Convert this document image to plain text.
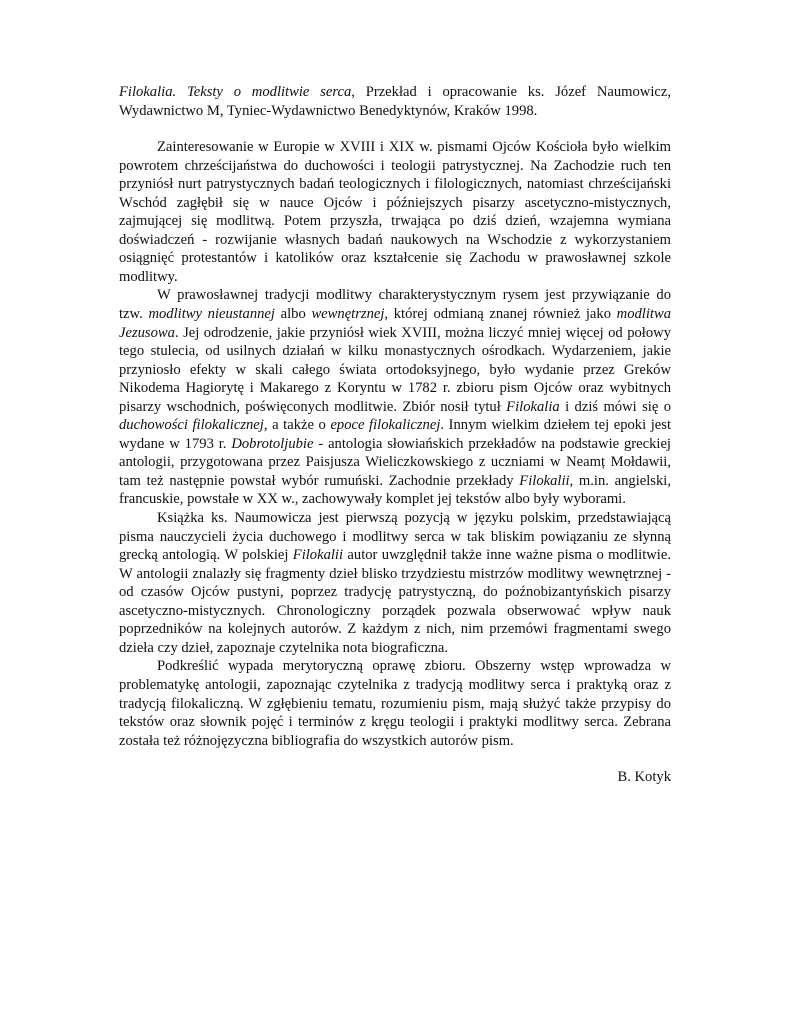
Filokalia. Teksty o modlitwie serca, Przekład i opracowanie ks. Józef Naumowicz, Wydawnictwo M, Tyniec-Wydawnictwo Benedyktynów, Kraków 1998.

Zainteresowanie w Europie w XVIII i XIX w. pismami Ojców Kościoła było wielkim powrotem chrześcijaństwa do duchowości i teologii patrystycznej. Na Zachodzie ruch ten przyniósł nurt patrystycznych badań teologicznych i filologicznych, natomiast chrześcijański Wschód zagłębił się w nauce Ojców i późniejszych pisarzy ascetyczno-mistycznych, zajmującej się modlitwą. Potem przyszła, trwająca po dziś dzień, wzajemna wymiana doświadczeń - rozwijanie własnych badań naukowych na Wschodzie z wykorzystaniem osiągnięć protestantów i katolików oraz kształcenie się Zachodu w prawosławnej szkole modlitwy.

W prawosławnej tradycji modlitwy charakterystycznym rysem jest przywiązanie do tzw. modlitwy nieustannej albo wewnętrznej, której odmianą znanej również jako modlitwa Jezusowa. Jej odrodzenie, jakie przyniósł wiek XVIII, można liczyć mniej więcej od połowy tego stulecia, od usilnych działań w kilku monastycznych ośrodkach. Wydarzeniem, jakie przyniosło efekty w skali całego świata ortodoksyjnego, było wydanie przez Greków Nikodema Hagiorytę i Makarego z Koryntu w 1782 r. zbioru pism Ojców oraz wybitnych pisarzy wschodnich, poświęconych modlitwie. Zbiór nosił tytuł Filokalia i dziś mówi się o duchowości filokalicznej, a także o epoce filokalicznej. Innym wielkim dziełem tej epoki jest wydane w 1793 r. Dobrotoljubie - antologia słowiańskich przekładów na podstawie greckiej antologii, przygotowana przez Paisjusza Wieliczkowskiego z uczniami w Neamț Mołdawii, tam też następnie powstał wybór rumuński. Zachodnie przekłady Filokalii, m.in. angielski, francuskie, powstałe w XX w., zachowywały komplet jej tekstów albo były wyborami.

Książka ks. Naumowicza jest pierwszą pozycją w języku polskim, przedstawiającą pisma nauczycieli życia duchowego i modlitwy serca w tak bliskim powiązaniu ze słynną grecką antologią. W polskiej Filokalii autor uwzględnił także inne ważne pisma o modlitwie. W antologii znalazły się fragmenty dzieł blisko trzydziestu mistrzów modlitwy wewnętrznej - od czasów Ojców pustyni, poprzez tradycję patrystyczną, do poźnobizantyńskich pisarzy ascetyczno-mistycznych. Chronologiczny porządek pozwala obserwować wpływ nauk poprzedników na kolejnych autorów. Z każdym z nich, nim przemówi fragmentami swego dzieła czy dzieł, zapoznaje czytelnika nota biograficzna.

Podkreślić wypada merytoryczną oprawę zbioru. Obszerny wstęp wprowadza w problematykę antologii, zapoznając czytelnika z tradycją modlitwy serca i praktyką oraz z tradycją filokaliczną. W zgłębieniu tematu, rozumieniu pism, mają służyć także przypisy do tekstów oraz słownik pojęć i terminów z kręgu teologii i praktyki modlitwy serca. Zebrana została też różnojęzyczna bibliografia do wszystkich autorów pism.

B. Kotyk
